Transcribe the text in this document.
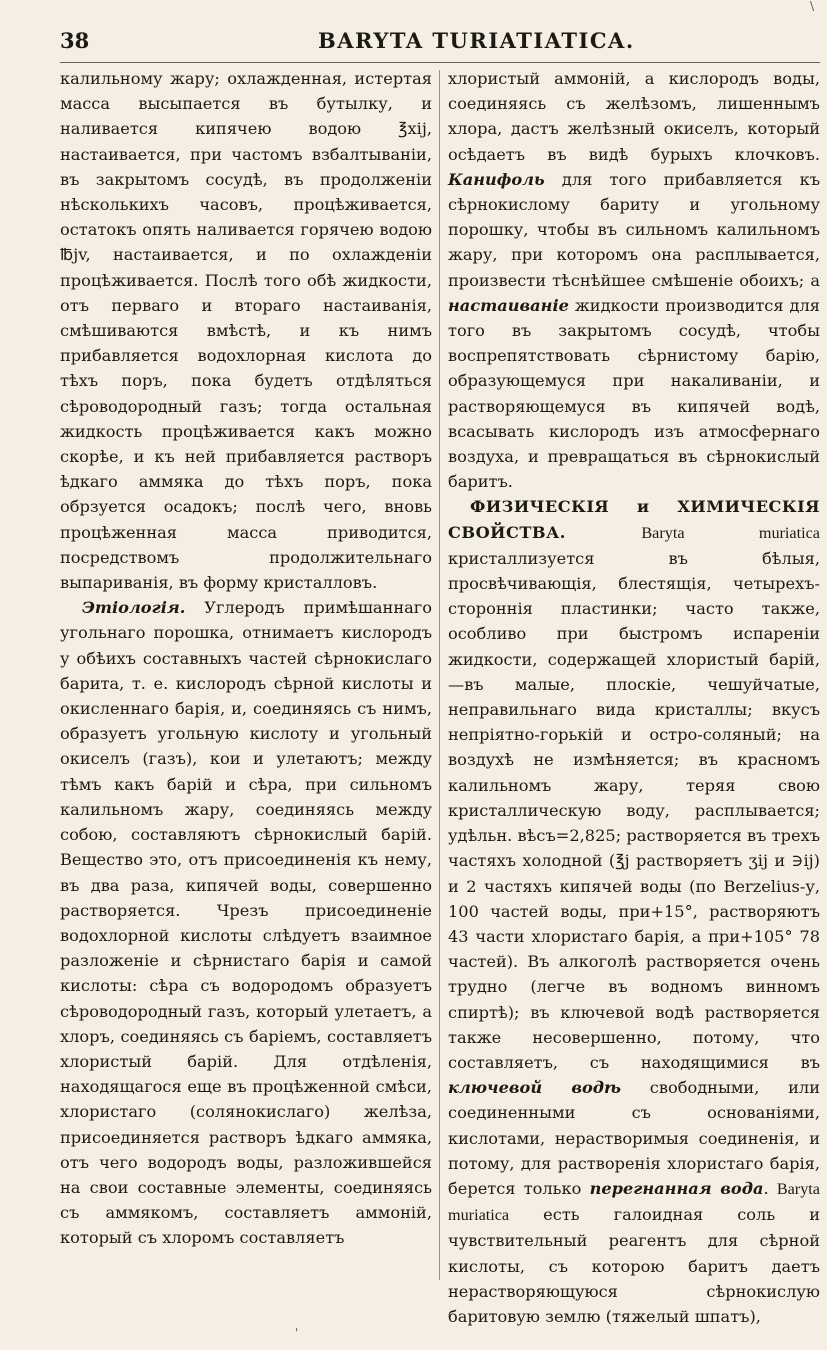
\
38	BARYTA TURIATIATICA.

калильному жару; охлажденная, истертая масса высыпается въ бутылку, и наливается кипячею водою ℥xij, настаивается, при частомъ взбалтываніи, въ закрытомъ сосудѣ, въ продолженіи нѣсколькихъ часовъ, процѣживается, остатокъ опять наливается горячею водою ℔jv, настаивается, и по охлажденіи процѣживается. Послѣ того обѣ жидкости, отъ перваго и втораго настаиванія, смѣшиваются вмѣстѣ, и къ нимъ прибавляется водохлорная кислота до тѣхъ поръ, пока будетъ отдѣляться сѣроводородный газъ; тогда остальная жидкость процѣживается какъ можно скорѣе, и къ ней прибавляется растворъ ѣдкаго аммяка до тѣхъ поръ, пока обрзуется осадокъ; послѣ чего, вновь процѣженная масса приводится, посредствомъ продолжительнаго выпариванія, въ форму кристалловъ.

Этіологія. Углеродъ примѣшаннаго угольнаго порошка, отнимаетъ кислородъ у обѣихъ составныхъ частей сѣрнокислаго барита, т. е. кислородъ сѣрной кислоты и окисленнаго барія, и, соединяясь съ нимъ, образуетъ угольную кислоту и угольный окиселъ (газъ), кои и улетаютъ; между тѣмъ какъ барій и сѣра, при сильномъ калильномъ жару, соединяясь между собою, составляютъ сѣрнокислый барій. Вещество это, отъ присоединенія къ нему, въ два раза, кипячей воды, совершенно растворяется. Чрезъ присоединеніе водохлорной кислоты слѣдуетъ взаимное разложеніе и сѣрнистаго барія и самой кислоты: сѣра съ водородомъ образуетъ сѣроводородный газъ, который улетаетъ, а хлоръ, соединяясь съ баріемъ, составляетъ хлористый барій. Для отдѣленія, находящагося еще въ процѣженной смѣси, хлористаго (солянокислаго) желѣза, присоединяется растворъ ѣдкаго аммяка, отъ чего водородъ воды, разложившейся на свои составные элементы, соединяясь съ аммякомъ, составляетъ аммоній, который съ хлоромъ составляетъ

хлористый аммоній, а кислородъ воды, соединяясь съ желѣзомъ, лишеннымъ хлора, дастъ желѣзный окиселъ, который осѣдаетъ въ видѣ бурыхъ клочковъ. Канифоль для того прибавляется къ сѣрнокислому бариту и угольному порошку, чтобы въ сильномъ калильномъ жару, при которомъ она расплывается, произвести тѣснѣйшее смѣшеніе обоихъ; а настаиваніе жидкости производится для того въ закрытомъ сосудѣ, чтобы воспрепятствовать сѣрнистому барію, образующемуся при накаливаніи, и растворяющемуся въ кипячей водѣ, всасывать кислородъ изъ атмосфернаго воздуха, и превращаться въ сѣрнокислый баритъ.

ФИЗИЧЕСКІЯ и ХИМИЧЕСКІЯ СВОЙСТВА.	Baryta muriatica кристаллизуется въ бѣлыя, просвѣчивающія, блестящія, четырехъ-стороннія пластинки; часто также, особливо при быстромъ испареніи жидкости, содержащей хлористый барій,—въ малые, плоскіе, чешуйчатые, неправильнаго вида кристаллы; вкусъ непріятно-горькій и остро-соляный; на воздухѣ не измѣняется; въ красномъ калильномъ жару, теряя свою кристаллическую воду, расплывается; удѣльн. вѣсъ=2,825; растворяется въ трехъ частяхъ холодной (℥j растворяетъ ʒij и ∋ij) и 2 частяхъ кипячей воды (по Berzelius-у, 100 частей воды, при+15°, растворяютъ 43 части хлористаго барія, а при+105° 78 частей). Въ алкоголѣ растворяется очень трудно (легче въ водномъ винномъ спиртѣ); въ ключевой водѣ растворяется также несовершенно, потому, что составляетъ, съ находящимися въ ключевой водѣ свободными, или соединенными съ основаніями, кислотами, нерастворимыя соединенія, и потому, для растворенія хлористаго барія, берется только перегнанная вода. Baryta muriatica есть галоидная соль и чувствительный реагентъ для сѣрной кислоты, съ которою баритъ даетъ нерастворяющуюся сѣрнокислую баритовую землю (тяжелый шпатъ),

'
